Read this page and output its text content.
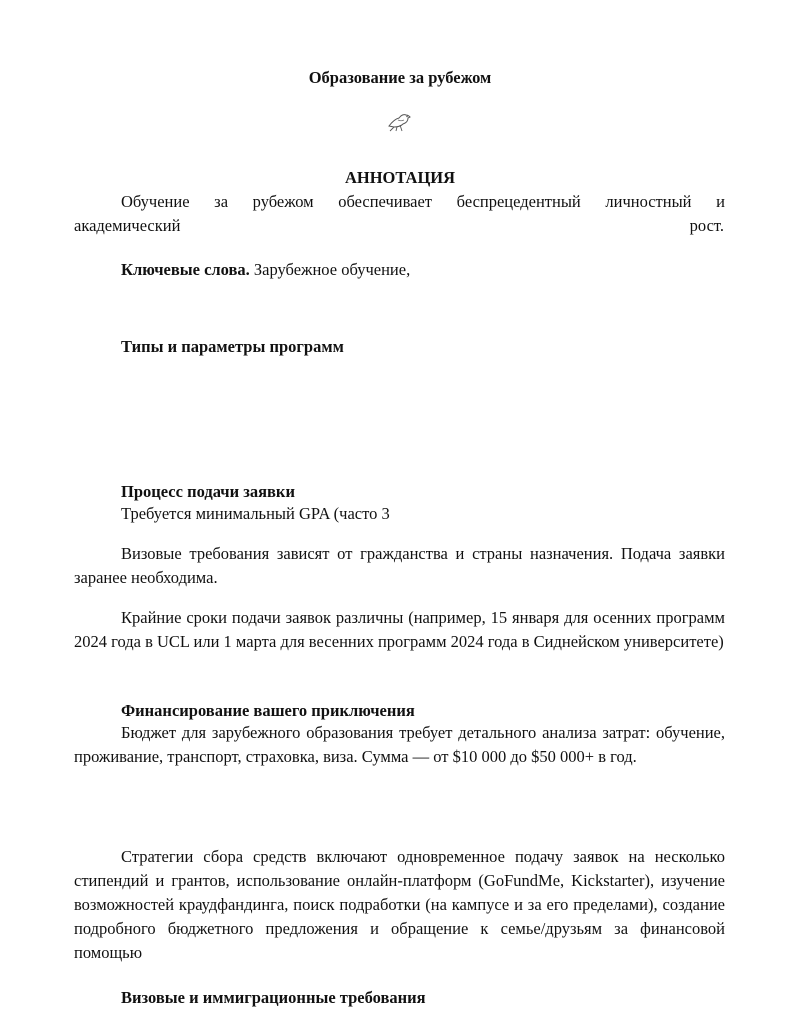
Образование за рубежом
АННОТАЦИЯ
Обучение за рубежом обеспечивает беспрецедентный личностный и
академический	рост.
Ключевые слова. Зарубежное обучение,
Типы и параметры программ
Процесс подачи заявки
Требуется минимальный GPA (часто 3
Визовые требования зависят от гражданства и страны назначения. Подача заявки заранее необходима.
Крайние сроки подачи заявок различны (например, 15 января для осенних программ 2024 года в UCL или 1 марта для весенних программ 2024 года в Сиднейском университете)
Финансирование вашего приключения
Бюджет для зарубежного образования требует детального анализа затрат: обучение, проживание, транспорт, страховка, виза. Сумма — от $10 000 до $50 000+ в год.
Стратегии сбора средств включают одновременное подачу заявок на несколько стипендий и грантов, использование онлайн-платформ (GoFundMe, Kickstarter), изучение возможностей краудфандинга, поиск подработки (на кампусе и за его пределами), создание подробного бюджетного предложения и обращение к семье/друзьям за финансовой помощью
Визовые и иммиграционные требования
